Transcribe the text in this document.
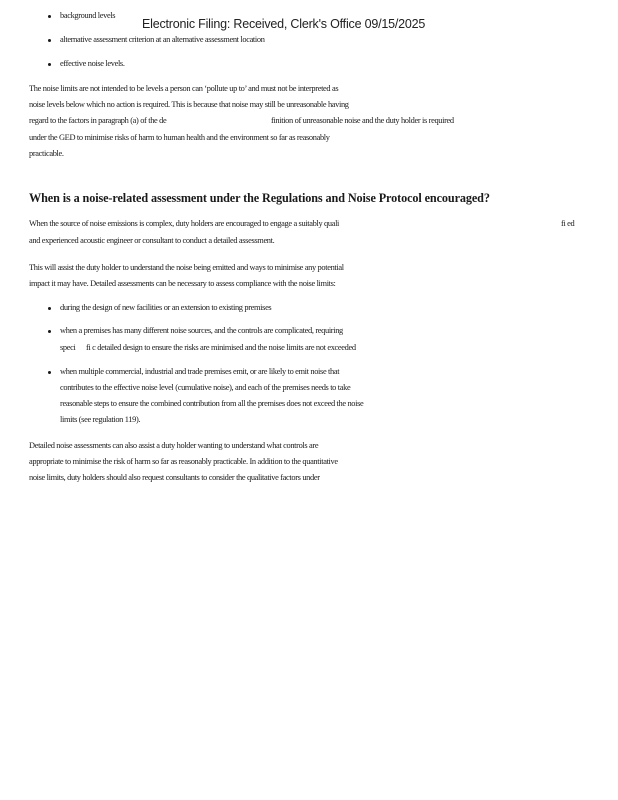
Electronic Filing: Received, Clerk's Office 09/15/2025
background levels
alternative assessment criterion at an alternative assessment location
effective noise levels.
The noise limits are not intended to be levels a person can ‘pollute up to’ and must not be interpreted as
noise levels below which no action is required. This is because that noise may still be unreasonable having
regard to the factors in paragraph (a) of the de	finition of unreasonable noise and the duty holder is required
under the GED to minimise risks of harm to human health and the environment so far as reasonably
practicable.
When is a noise-related assessment under the Regulations and Noise Protocol encouraged?
When the source of noise emissions is complex, duty holders are encouraged to engage a suitably quali	fi ed
and experienced acoustic engineer or consultant to conduct a detailed assessment.
This will assist the duty holder to understand the noise being emitted and ways to minimise any potential
impact it may have. Detailed assessments can be necessary to assess compliance with the noise limits:
during the design of new facilities or an extension to existing premises
when a premises has many different noise sources, and the controls are complicated, requiring
speci fi c detailed design to ensure the risks are minimised and the noise limits are not exceeded
when multiple commercial, industrial and trade premises emit, or are likely to emit noise that
contributes to the effective noise level (cumulative noise), and each of the premises needs to take
reasonable steps to ensure the combined contribution from all the premises does not exceed the noise
limits (see regulation 119).
Detailed noise assessments can also assist a duty holder wanting to understand what controls are
appropriate to minimise the risk of harm so far as reasonably practicable. In addition to the quantitative
noise limits, duty holders should also request consultants to consider the qualitative factors under
